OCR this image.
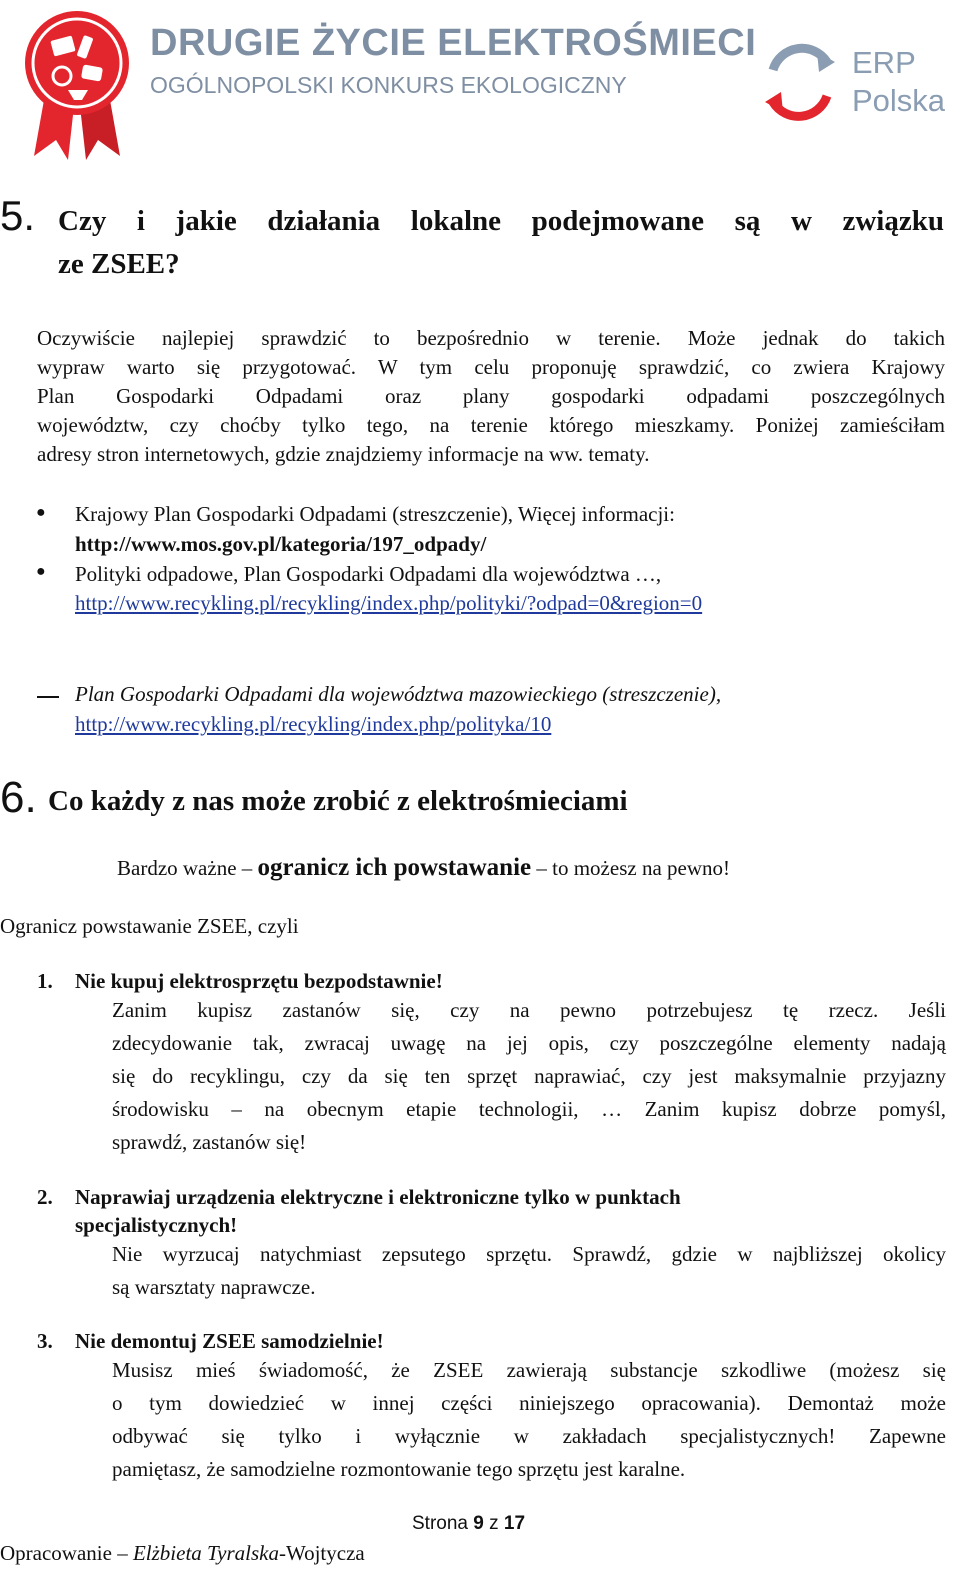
DRUGIE ŻYCIE ELEKTROŚMIECI
OGÓLNOPOLSKI KONKURS EKOLOGICZNY
ERP
Polska
5. Czy i jakie działania lokalne podejmowane są w związku
ze ZSEE?
Oczywiście najlepiej sprawdzić to bezpośrednio w terenie. Może jednak do takich
wypraw warto się przygotować. W tym celu proponuję sprawdzić, co zwiera Krajowy
Plan Gospodarki Odpadami oraz plany gospodarki odpadami poszczególnych
województw, czy choćby tylko tego, na terenie którego mieszkamy. Poniżej zamieściłam
adresy stron internetowych, gdzie znajdziemy informacje na ww. tematy.
● Krajowy Plan Gospodarki Odpadami (streszczenie), Więcej informacji:
http://www.mos.gov.pl/kategoria/197_odpady/
● Polityki odpadowe, Plan Gospodarki Odpadami dla województwa …,
http://www.recykling.pl/recykling/index.php/polityki/?odpad=0&region=0
Plan Gospodarki Odpadami dla województwa mazowieckiego (streszczenie),
http://www.recykling.pl/recykling/index.php/polityka/10
6. Co każdy z nas może zrobić z elektrośmieciami
Bardzo ważne – ogranicz ich powstawanie – to możesz na pewno!
Ogranicz powstawanie ZSEE, czyli
1. Nie kupuj elektrosprzętu bezpodstawnie!
Zanim kupisz zastanów się, czy na pewno potrzebujesz tę rzecz. Jeśli
zdecydowanie tak, zwracaj uwagę na jej opis, czy poszczególne elementy nadają
się do recyklingu, czy da się ten sprzęt naprawiać, czy jest maksymalnie przyjazny
środowisku – na obecnym etapie technologii, … Zanim kupisz dobrze pomyśl,
sprawdź, zastanów się!
2. Naprawiaj urządzenia elektryczne i elektroniczne tylko w punktach
specjalistycznych!
Nie wyrzucaj natychmiast zepsutego sprzętu. Sprawdź, gdzie w najbliższej okolicy
są warsztaty naprawcze.
3. Nie demontuj ZSEE samodzielnie!
Musisz mieś świadomość, że ZSEE zawierają substancje szkodliwe (możesz się
o tym dowiedzieć w innej części niniejszego opracowania). Demontaż może
odbywać się tylko i wyłącznie w zakładach specjalistycznych! Zapewne
pamiętasz, że samodzielne rozmontowanie tego sprzętu jest karalne.
Strona 9 z 17
Opracowanie – Elżbieta Tyralska-Wojtycza
